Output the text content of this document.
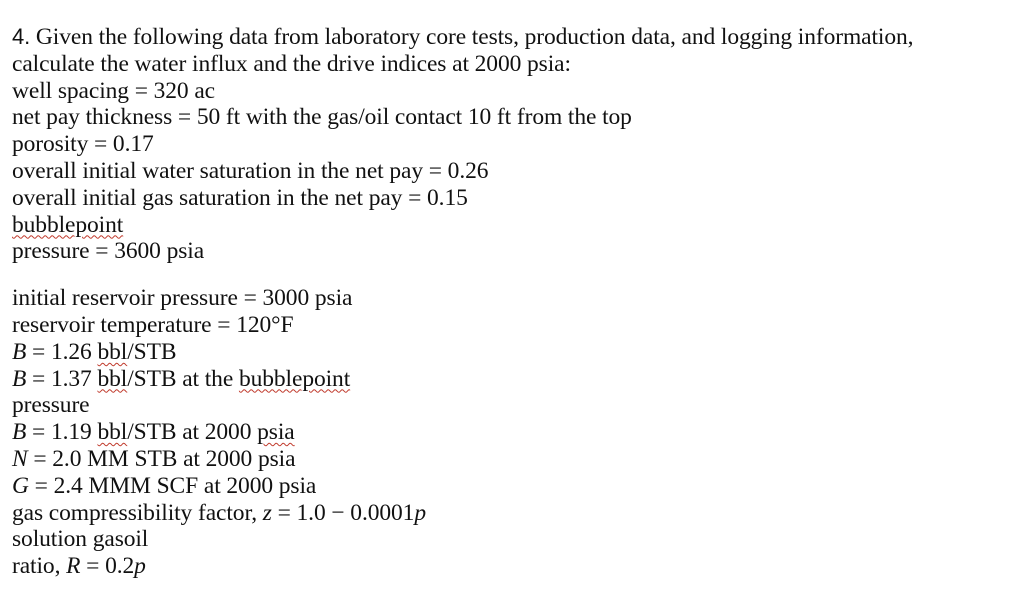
4. Given the following data from laboratory core tests, production data, and logging information,
calculate the water influx and the drive indices at 2000 psia:
well spacing = 320 ac
net pay thickness = 50 ft with the gas/oil contact 10 ft from the top
porosity = 0.17
overall initial water saturation in the net pay = 0.26
overall initial gas saturation in the net pay = 0.15
bubblepoint
pressure = 3600 psia
initial reservoir pressure = 3000 psia
reservoir temperature = 120°F
B = 1.26 bbl/STB
B = 1.37 bbl/STB at the bubblepoint
pressure
B = 1.19 bbl/STB at 2000 psia
N = 2.0 MM STB at 2000 psia
G = 2.4 MMM SCF at 2000 psia
gas compressibility factor, z = 1.0 − 0.0001p
solution gasoil
ratio, R = 0.2p
